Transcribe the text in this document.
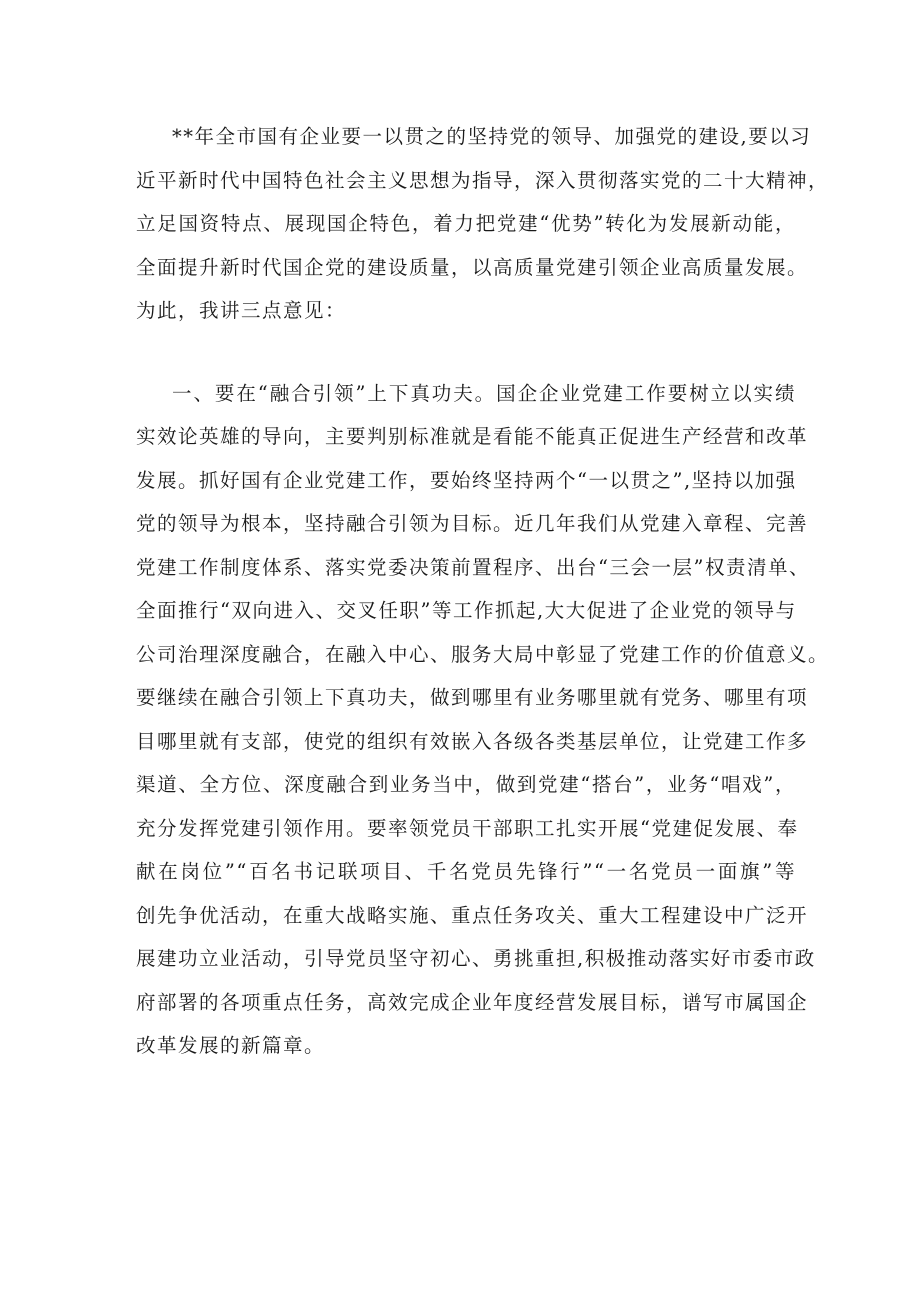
**年全市国有企业要一以贯之的坚持党的领导、加强党的建设,要以习
近平新时代中国特色社会主义思想为指导，深入贯彻落实党的二十大精神，
立足国资特点、展现国企特色，着力把党建“优势”转化为发展新动能，
全面提升新时代国企党的建设质量，以高质量党建引领企业高质量发展。
为此，我讲三点意见：
一、要在“融合引领”上下真功夫。国企企业党建工作要树立以实绩
实效论英雄的导向，主要判别标准就是看能不能真正促进生产经营和改革
发展。抓好国有企业党建工作，要始终坚持两个“一以贯之”,坚持以加强
党的领导为根本，坚持融合引领为目标。近几年我们从党建入章程、完善
党建工作制度体系、落实党委决策前置程序、出台“三会一层”权责清单、
全面推行“双向进入、交叉任职”等工作抓起,大大促进了企业党的领导与
公司治理深度融合，在融入中心、服务大局中彰显了党建工作的价值意义。
要继续在融合引领上下真功夫，做到哪里有业务哪里就有党务、哪里有项
目哪里就有支部，使党的组织有效嵌入各级各类基层单位，让党建工作多
渠道、全方位、深度融合到业务当中，做到党建“搭台”，业务“唱戏”，
充分发挥党建引领作用。要率领党员干部职工扎实开展“党建促发展、奉
献在岗位”“百名书记联项目、千名党员先锋行”“一名党员一面旗”等
创先争优活动，在重大战略实施、重点任务攻关、重大工程建设中广泛开
展建功立业活动，引导党员坚守初心、勇挑重担,积极推动落实好市委市政
府部署的各项重点任务，高效完成企业年度经营发展目标，谱写市属国企
改革发展的新篇章。
